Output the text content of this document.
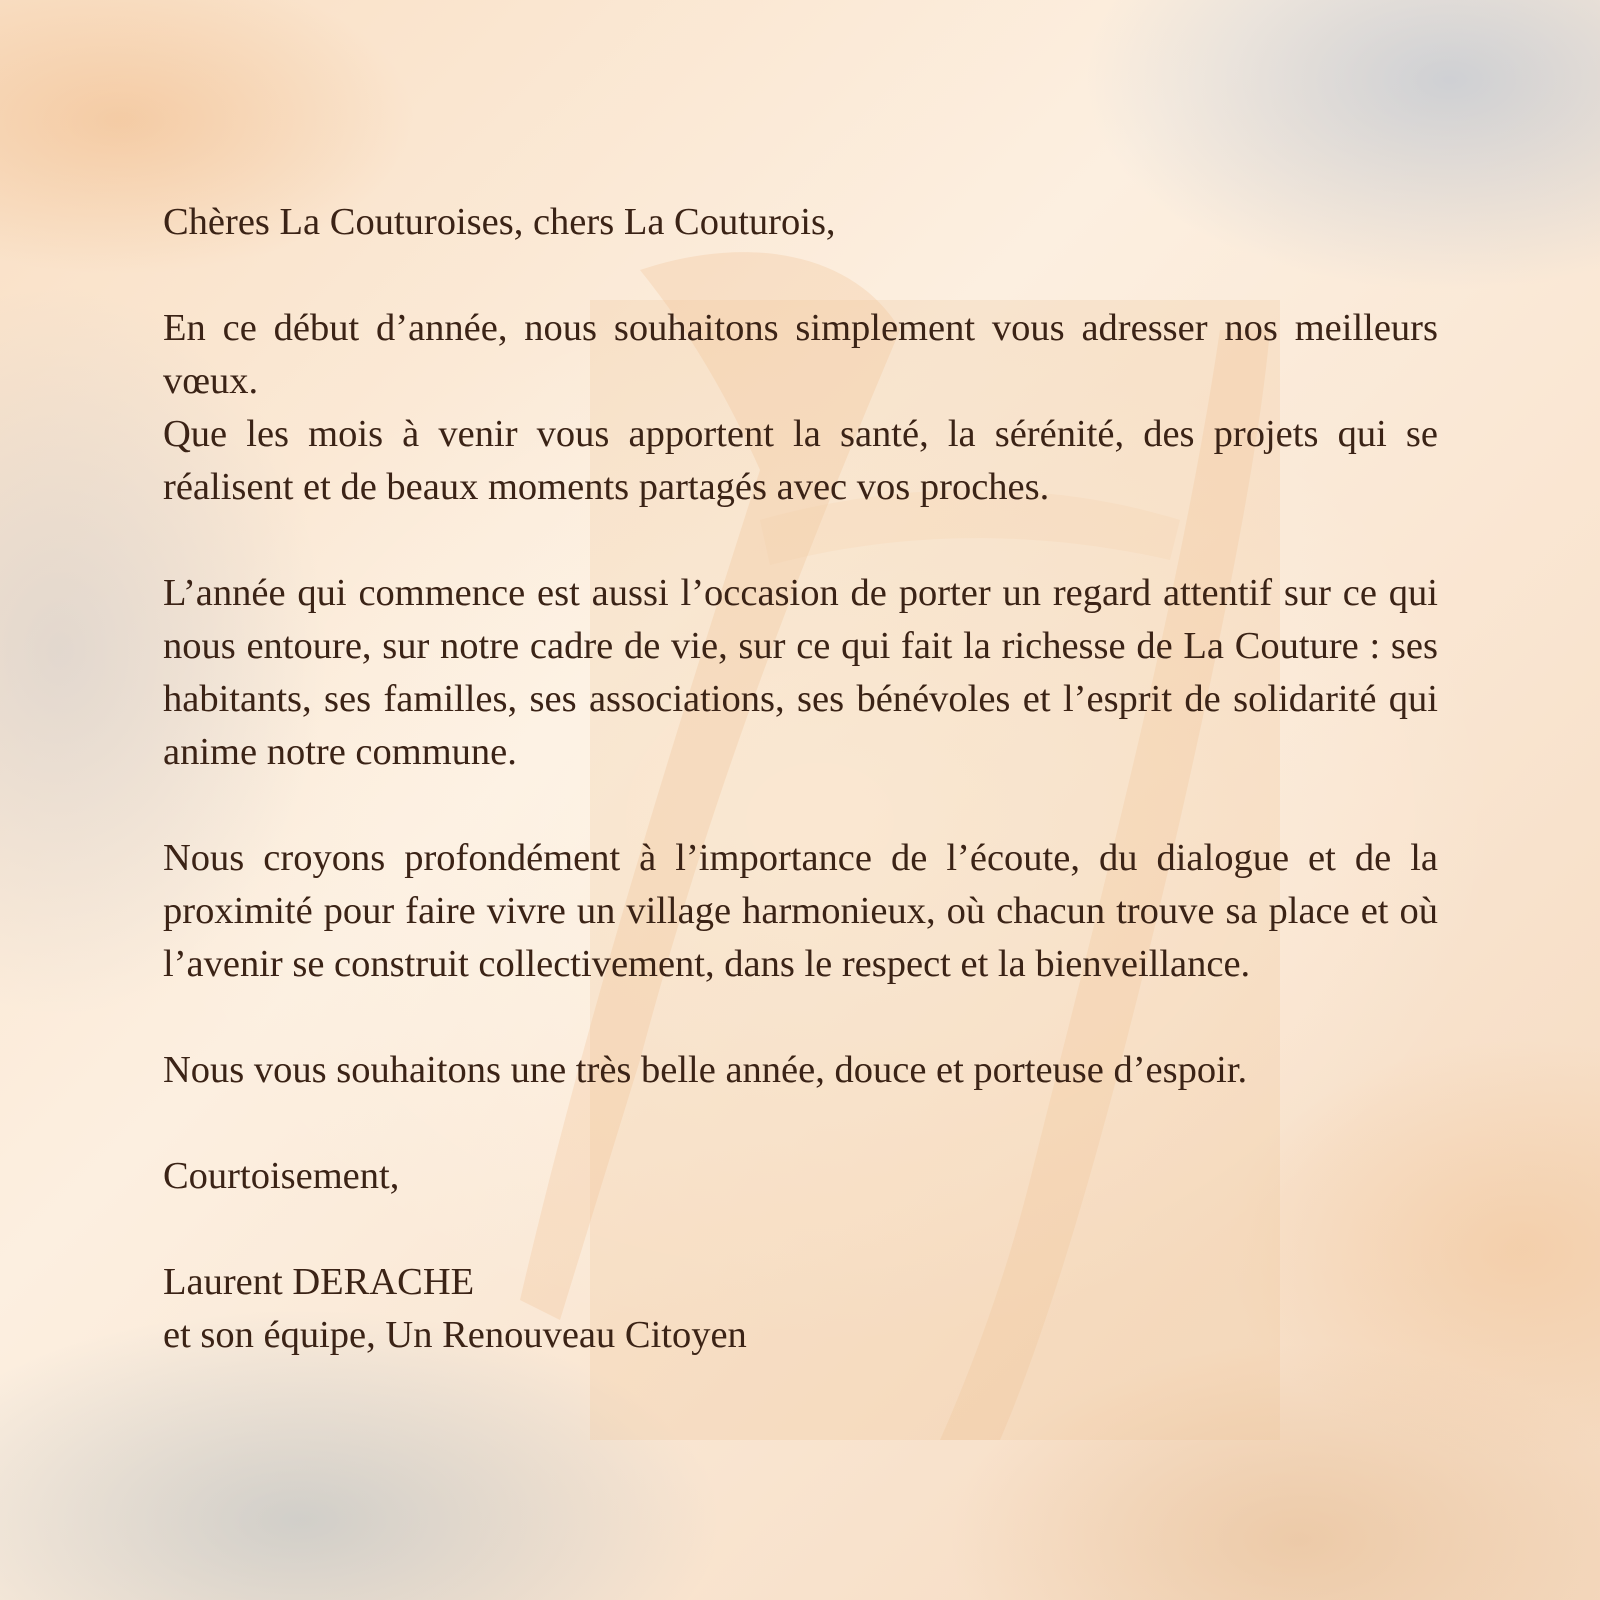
Chères La Couturoises, chers La Couturois,

En ce début d’année, nous souhaitons simplement vous adresser nos meilleurs vœux.

Que les mois à venir vous apportent la santé, la sérénité, des projets qui se réalisent et de beaux moments partagés avec vos proches.

L’année qui commence est aussi l’occasion de porter un regard attentif sur ce qui nous entoure, sur notre cadre de vie, sur ce qui fait la richesse de La Couture : ses habitants, ses familles, ses associations, ses bénévoles et l’esprit de solidarité qui anime notre commune.

Nous croyons profondément à l’importance de l’écoute, du dialogue et de la proximité pour faire vivre un village harmonieux, où chacun trouve sa place et où l’avenir se construit collectivement, dans le respect et la bienveillance.

Nous vous souhaitons une très belle année, douce et porteuse d’espoir.

Courtoisement,

Laurent DERACHE

et son équipe, Un Renouveau Citoyen
